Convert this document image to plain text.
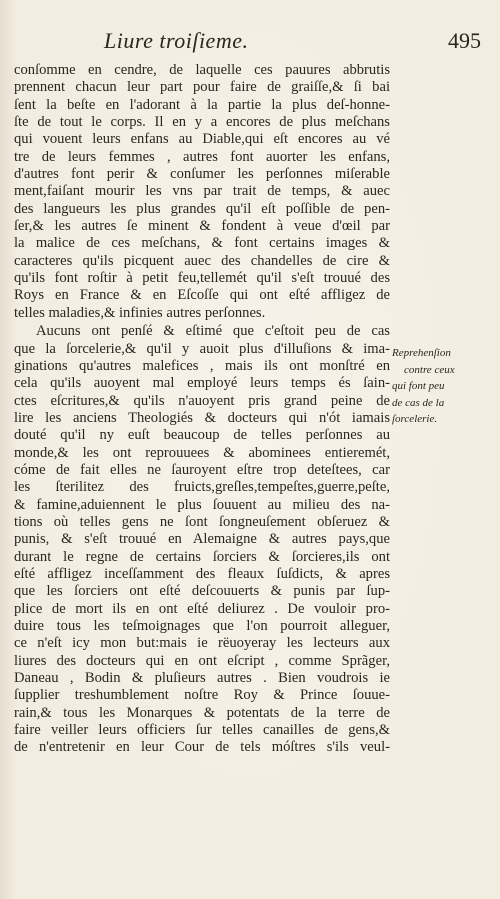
Liure troiſieme.	495
conſomme en cendre, de laquelle ces pauures abbrutis
prennent chacun leur part pour faire de graiſſe,& ſi bai
ſent la beſte en l'adorant à la partie la plus deſ-honne-
ſte de tout le corps. Il en y a encores de plus meſchans
qui vouent leurs enfans au Diable,qui eſt encores au vé
tre de leurs femmes , autres font auorter les enfans,
d'autres font perir & conſumer les perſonnes miſerable
ment,faiſant mourir les vns par trait de temps, & auec
des langueurs les plus grandes qu'il eſt poſſible de pen-
ſer,& les autres ſe minent & fondent à veue d'œil par
la malice de ces meſchans, & font certains images &
caracteres qu'ils picquent auec des chandelles de cire &
qu'ils font roſtir à petit feu,tellemét qu'il s'eſt trouué des
Roys en France & en Eſcoſſe qui ont eſté affligez de
telles maladies,& infinies autres perſonnes.
Aucuns ont penſé & eſtimé que c'eſtoit peu de cas
que la ſorcelerie,& qu'il y auoit plus d'illuſions & ima-
ginations qu'autres malefices , mais ils ont monſtré en
cela qu'ils auoyent mal employé leurs temps és ſain-
ctes eſcritures,& qu'ils n'auoyent pris grand peine de
lire les anciens Theologiés & docteurs qui n'ót iamais
douté qu'il ny euſt beaucoup de telles perſonnes au
monde,& les ont reprouuees & abominees entieremét,
cóme de fait elles ne ſauroyent eſtre trop deteſtees, car
les ſterilitez des fruicts,greſles,tempeſtes,guerre,peſte,
& famine,aduiennent le plus ſouuent au milieu des na-
tions où telles gens ne ſont ſongneuſement obſeruez &
punis, & s'eſt trouué en Alemaigne & autres pays,que
durant le regne de certains ſorciers & ſorcieres,ils ont
eſté affligez inceſſamment des fleaux ſuſdicts, & apres
que les ſorciers ont eſté deſcouuerts & punis par ſup-
plice de mort ils en ont eſté deliurez . De vouloir pro-
duire tous les teſmoignages que l'on pourroit alleguer,
ce n'eſt icy mon but:mais ie rëuoyeray les lecteurs aux
liures des docteurs qui en ont eſcript , comme Sprãger,
Daneau , Bodin & pluſieurs autres . Bien voudrois ie
ſupplier treshumblement noſtre Roy & Prince ſouue-
rain,& tous les Monarques & potentats de la terre de
faire veiller leurs officiers ſur telles canailles de gens,&
de n'entretenir en leur Cour de tels móſtres s'ils veul-
Reprehenſion
contre ceux
qui font peu
de cas de la
ſorcelerie.
